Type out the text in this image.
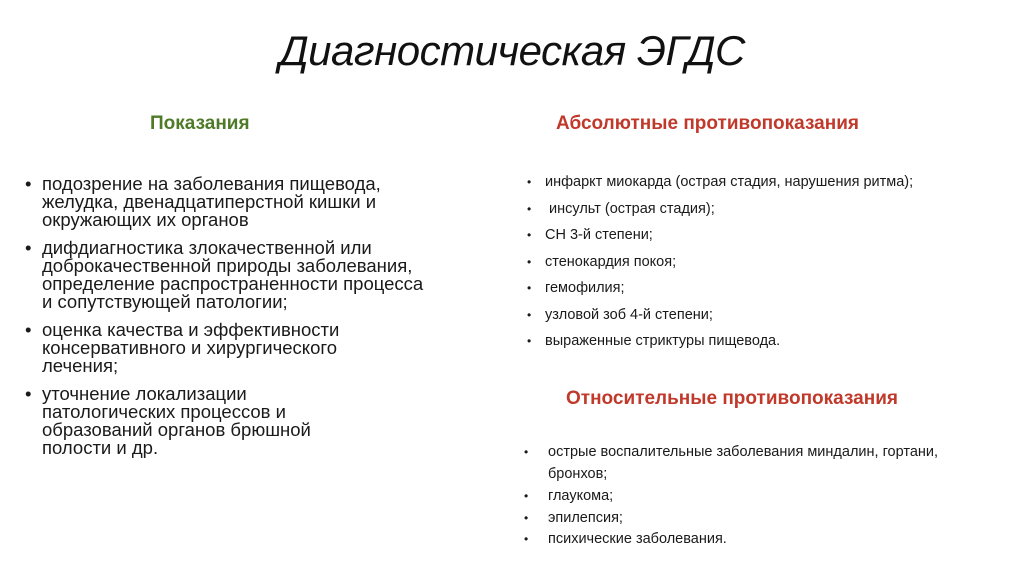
Диагностическая ЭГДС
Показания
• подозрение на заболевания пищевода, желудка, двенадцатиперстной кишки и окружающих их органов
• дифдиагностика злокачественной или доброкачественной природы заболевания, определение распространенности процесса и сопутствующей патологии;
• оценка качества и эффективности консервативного и хирургического лечения;
• уточнение локализации патологических процессов и образований органов брюшной полости и др.
Абсолютные противопоказания
• инфаркт миокарда (острая стадия, нарушения ритма);
• инсульт (острая стадия);
• СН 3-й степени;
• стенокардия покоя;
• гемофилия;
• узловой зоб 4-й степени;
• выраженные стриктуры пищевода.
Относительные противопоказания
• острые воспалительные заболевания миндалин, гортани, бронхов;
• глаукома;
• эпилепсия;
• психические заболевания.
